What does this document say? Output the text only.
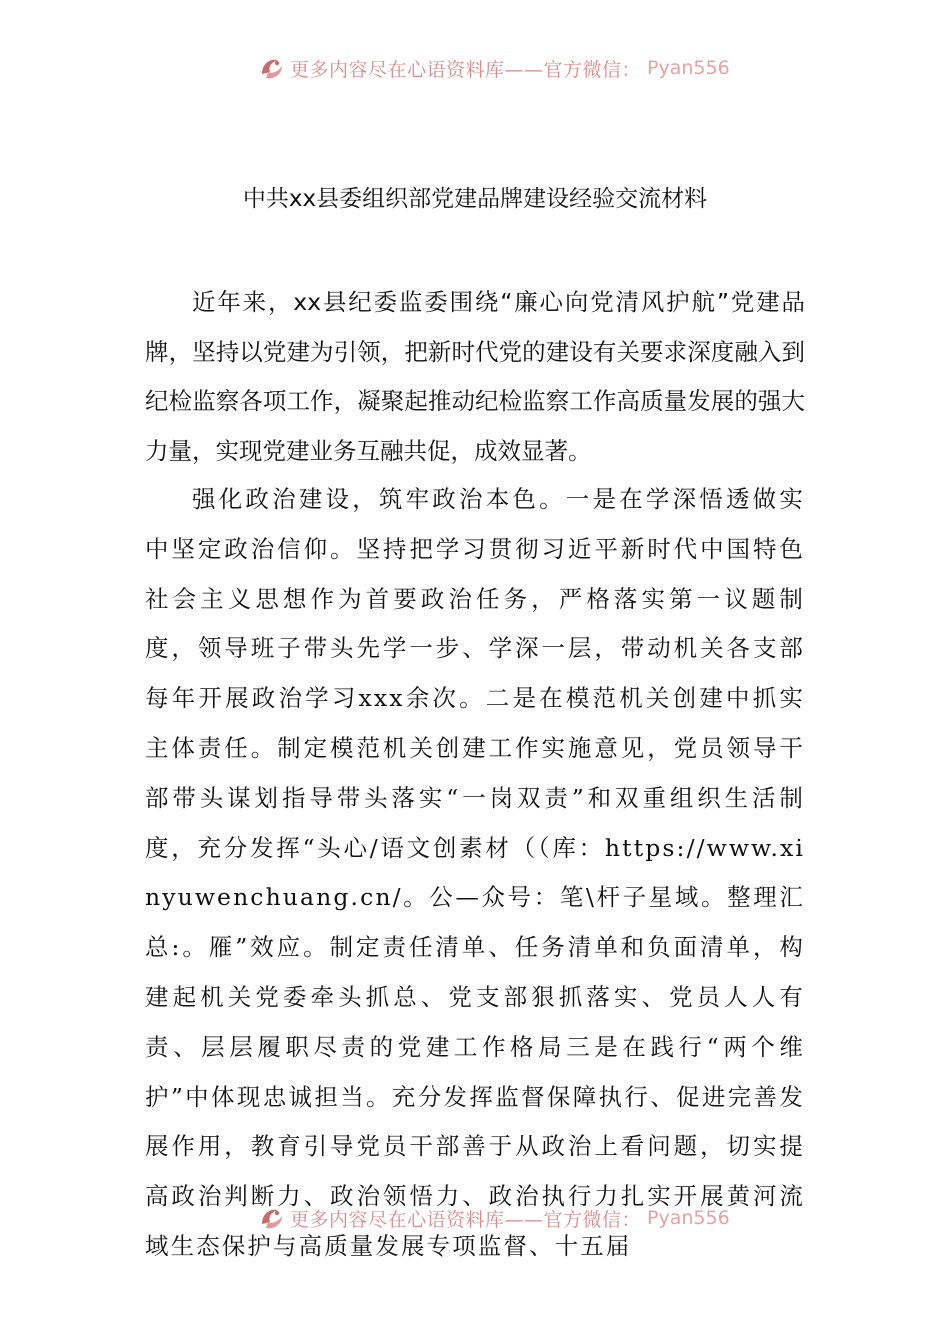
更多内容尽在心语资料库——官方微信： Pyan556
中共xx县委组织部党建品牌建设经验交流材料

近年来，xx县纪委监委围绕“廉心向党清风护航”党建品牌，坚持以党建为引领，把新时代党的建设有关要求深度融入到纪检监察各项工作，凝聚起推动纪检监察工作高质量发展的强大力量，实现党建业务互融共促，成效显著。

强化政治建设，筑牢政治本色。一是在学深悟透做实中坚定政治信仰。坚持把学习贯彻习近平新时代中国特色社会主义思想作为首要政治任务，严格落实第一议题制度，领导班子带头先学一步、学深一层，带动机关各支部每年开展政治学习xxx余次。二是在模范机关创建中抓实主体责任。制定模范机关创建工作实施意见，党员领导干部带头谋划指导带头落实“一岗双责”和双重组织生活制度，充分发挥“头心/语文创素材（（库：https://www.xinyuwenchuang.cn/。公—众号：笔\杆子星域。整理汇总:。雁”效应。制定责任清单、任务清单和负面清单，构建起机关党委牵头抓总、党支部狠抓落实、党员人人有责、层层履职尽责的党建工作格局三是在践行“两个维护”中体现忠诚担当。充分发挥监督保障执行、促进完善发展作用，教育引导党员干部善于从政治上看问题，切实提高政治判断力、政治领悟力、政治执行力扎实开展黄河流域生态保护与高质量发展专项监督、十五届

更多内容尽在心语资料库——官方微信： Pyan556
